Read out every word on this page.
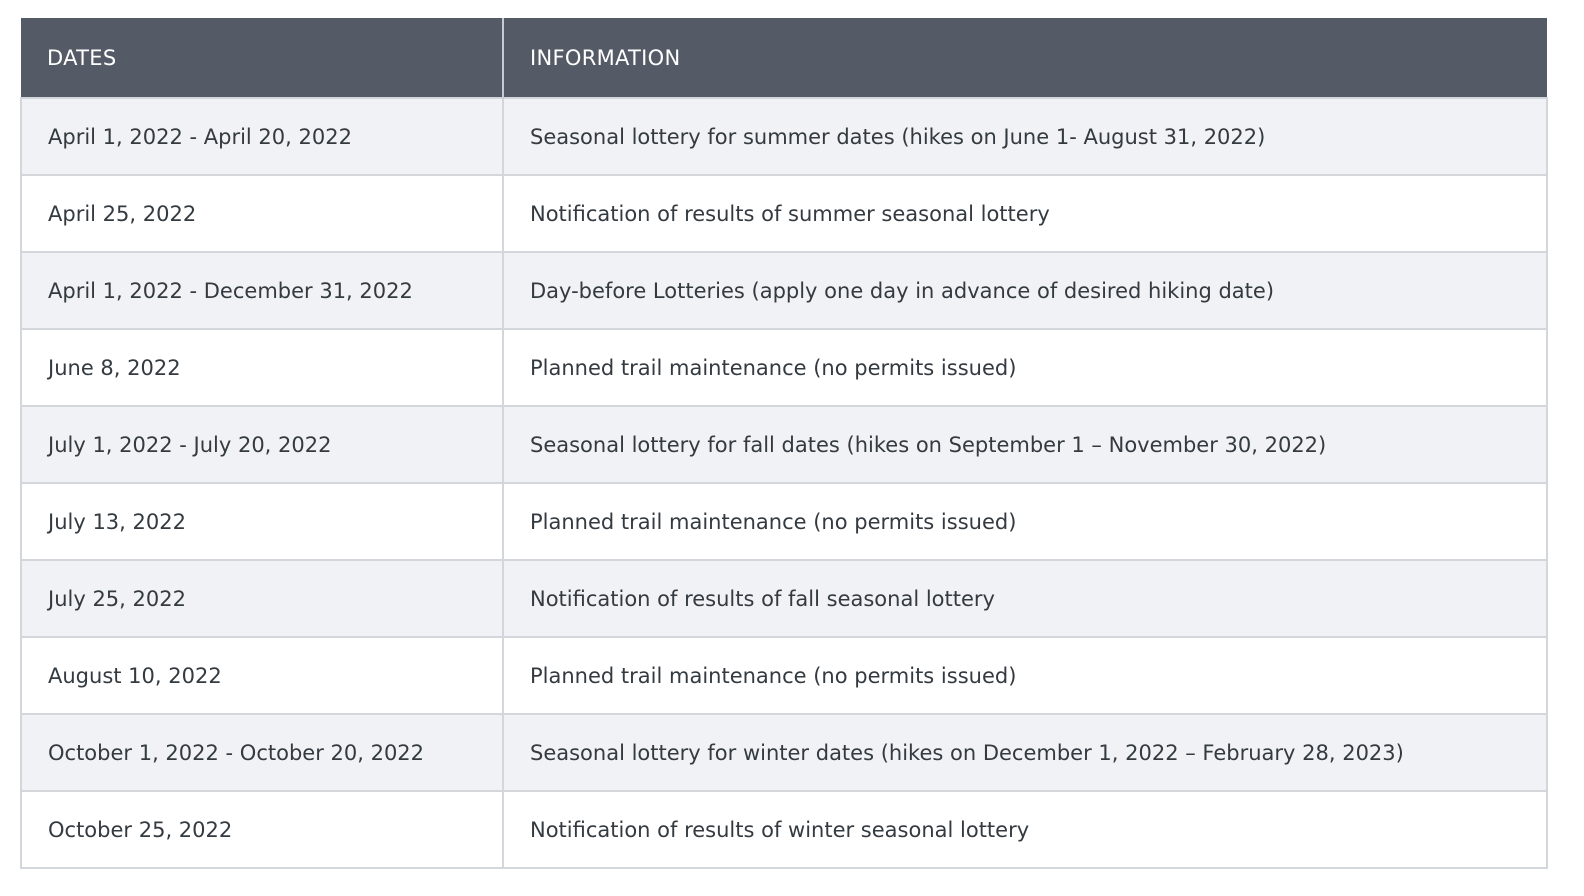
DATES	INFORMATION
April 1, 2022 - April 20, 2022	Seasonal lottery for summer dates (hikes on June 1- August 31, 2022)
April 25, 2022	Notification of results of summer seasonal lottery
April 1, 2022 - December 31, 2022	Day-before Lotteries (apply one day in advance of desired hiking date)
June 8, 2022	Planned trail maintenance (no permits issued)
July 1, 2022 - July 20, 2022	Seasonal lottery for fall dates (hikes on September 1 – November 30, 2022)
July 13, 2022	Planned trail maintenance (no permits issued)
July 25, 2022	Notification of results of fall seasonal lottery
August 10, 2022	Planned trail maintenance (no permits issued)
October 1, 2022 - October 20, 2022	Seasonal lottery for winter dates (hikes on December 1, 2022 – February 28, 2023)
October 25, 2022	Notification of results of winter seasonal lottery
